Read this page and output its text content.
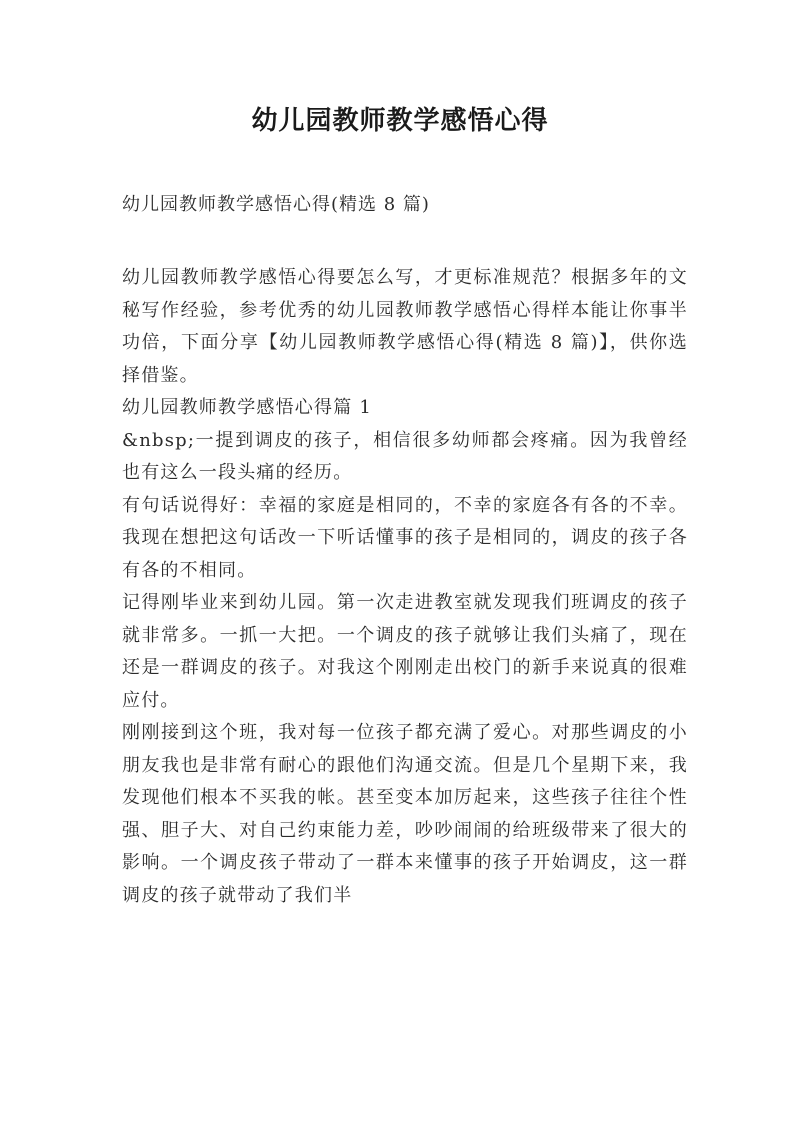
幼儿园教师教学感悟心得

幼儿园教师教学感悟心得(精选 8 篇)

幼儿园教师教学感悟心得要怎么写，才更标准规范？根据多年的文秘写作经验，参考优秀的幼儿园教师教学感悟心得样本能让你事半功倍，下面分享【幼儿园教师教学感悟心得(精选 8 篇)】，供你选择借鉴。

幼儿园教师教学感悟心得篇 1

&nbsp;一提到调皮的孩子，相信很多幼师都会疼痛。因为我曾经也有这么一段头痛的经历。

有句话说得好：幸福的家庭是相同的，不幸的家庭各有各的不幸。我现在想把这句话改一下听话懂事的孩子是相同的，调皮的孩子各有各的不相同。

记得刚毕业来到幼儿园。第一次走进教室就发现我们班调皮的孩子就非常多。一抓一大把。一个调皮的孩子就够让我们头痛了，现在还是一群调皮的孩子。对我这个刚刚走出校门的新手来说真的很难应付。

刚刚接到这个班，我对每一位孩子都充满了爱心。对那些调皮的小朋友我也是非常有耐心的跟他们沟通交流。但是几个星期下来，我发现他们根本不买我的帐。甚至变本加厉起来，这些孩子往往个性强、胆子大、对自己约束能力差，吵吵闹闹的给班级带来了很大的影响。一个调皮孩子带动了一群本来懂事的孩子开始调皮，这一群调皮的孩子就带动了我们半
